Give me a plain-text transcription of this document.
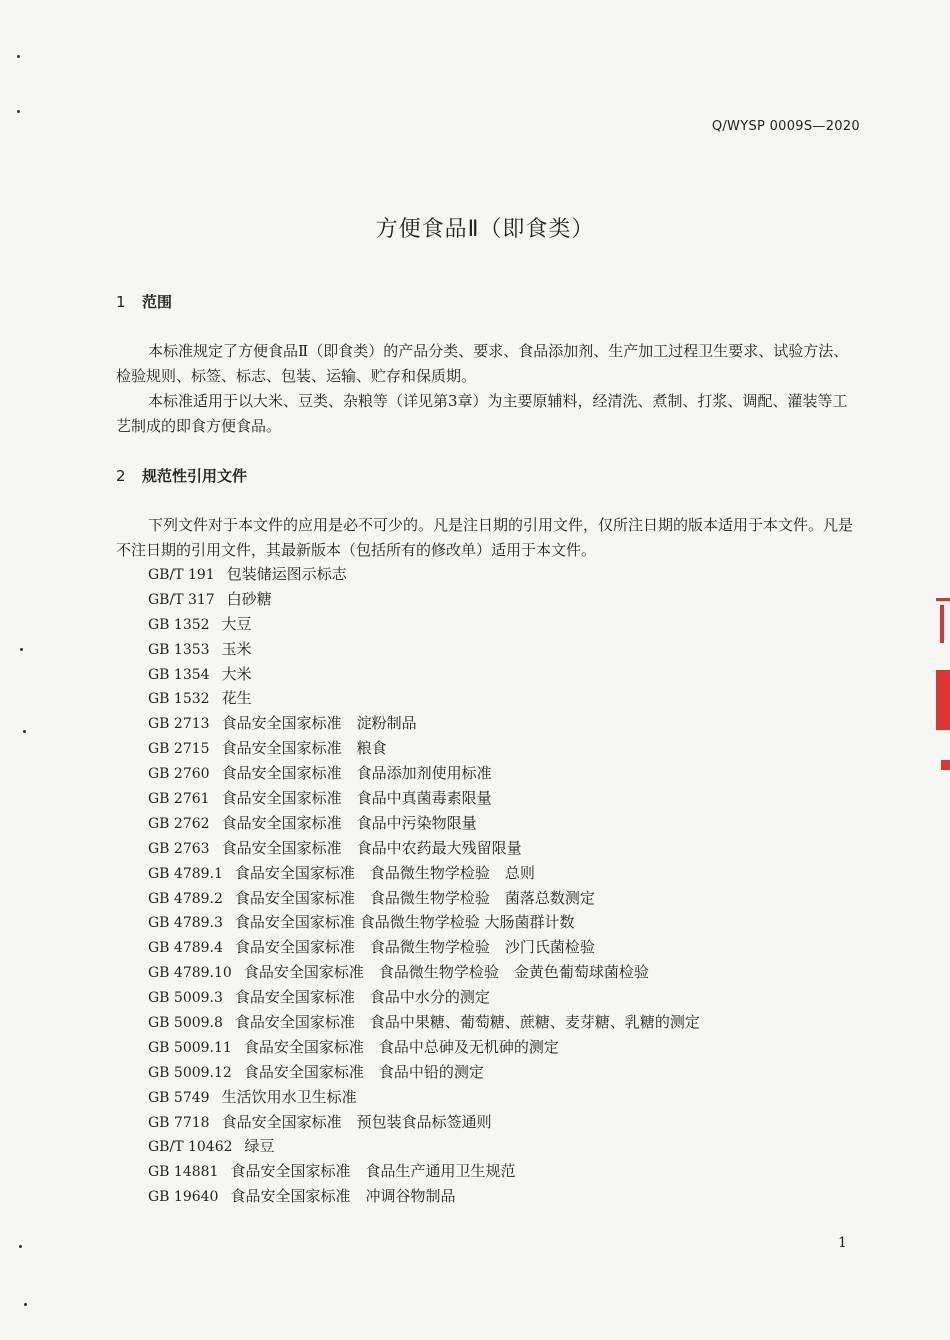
Q/WYSP 0009S—2020
方便食品Ⅱ（即食类）
1 范围
本标准规定了方便食品Ⅱ（即食类）的产品分类、要求、食品添加剂、生产加工过程卫生要求、试验方法、检验规则、标签、标志、包装、运输、贮存和保质期。
本标准适用于以大米、豆类、杂粮等（详见第3章）为主要原辅料，经清洗、煮制、打浆、调配、灌装等工艺制成的即食方便食品。
2 规范性引用文件
下列文件对于本文件的应用是必不可少的。凡是注日期的引用文件，仅所注日期的版本适用于本文件。凡是不注日期的引用文件，其最新版本（包括所有的修改单）适用于本文件。
GB/T 191 包装储运图示标志
GB/T 317 白砂糖
GB 1352 大豆
GB 1353 玉米
GB 1354 大米
GB 1532 花生
GB 2713 食品安全国家标准　淀粉制品
GB 2715 食品安全国家标准　粮食
GB 2760 食品安全国家标准　食品添加剂使用标准
GB 2761 食品安全国家标准　食品中真菌毒素限量
GB 2762 食品安全国家标准　食品中污染物限量
GB 2763 食品安全国家标准　食品中农药最大残留限量
GB 4789.1 食品安全国家标准　食品微生物学检验　总则
GB 4789.2 食品安全国家标准　食品微生物学检验　菌落总数测定
GB 4789.3 食品安全国家标准 食品微生物学检验 大肠菌群计数
GB 4789.4 食品安全国家标准　食品微生物学检验　沙门氏菌检验
GB 4789.10 食品安全国家标准　食品微生物学检验　金黄色葡萄球菌检验
GB 5009.3 食品安全国家标准　食品中水分的测定
GB 5009.8 食品安全国家标准　食品中果糖、葡萄糖、蔗糖、麦芽糖、乳糖的测定
GB 5009.11 食品安全国家标准　食品中总砷及无机砷的测定
GB 5009.12 食品安全国家标准　食品中铅的测定
GB 5749 生活饮用水卫生标准
GB 7718 食品安全国家标准　预包装食品标签通则
GB/T 10462 绿豆
GB 14881 食品安全国家标准　食品生产通用卫生规范
GB 19640 食品安全国家标准　冲调谷物制品
1
